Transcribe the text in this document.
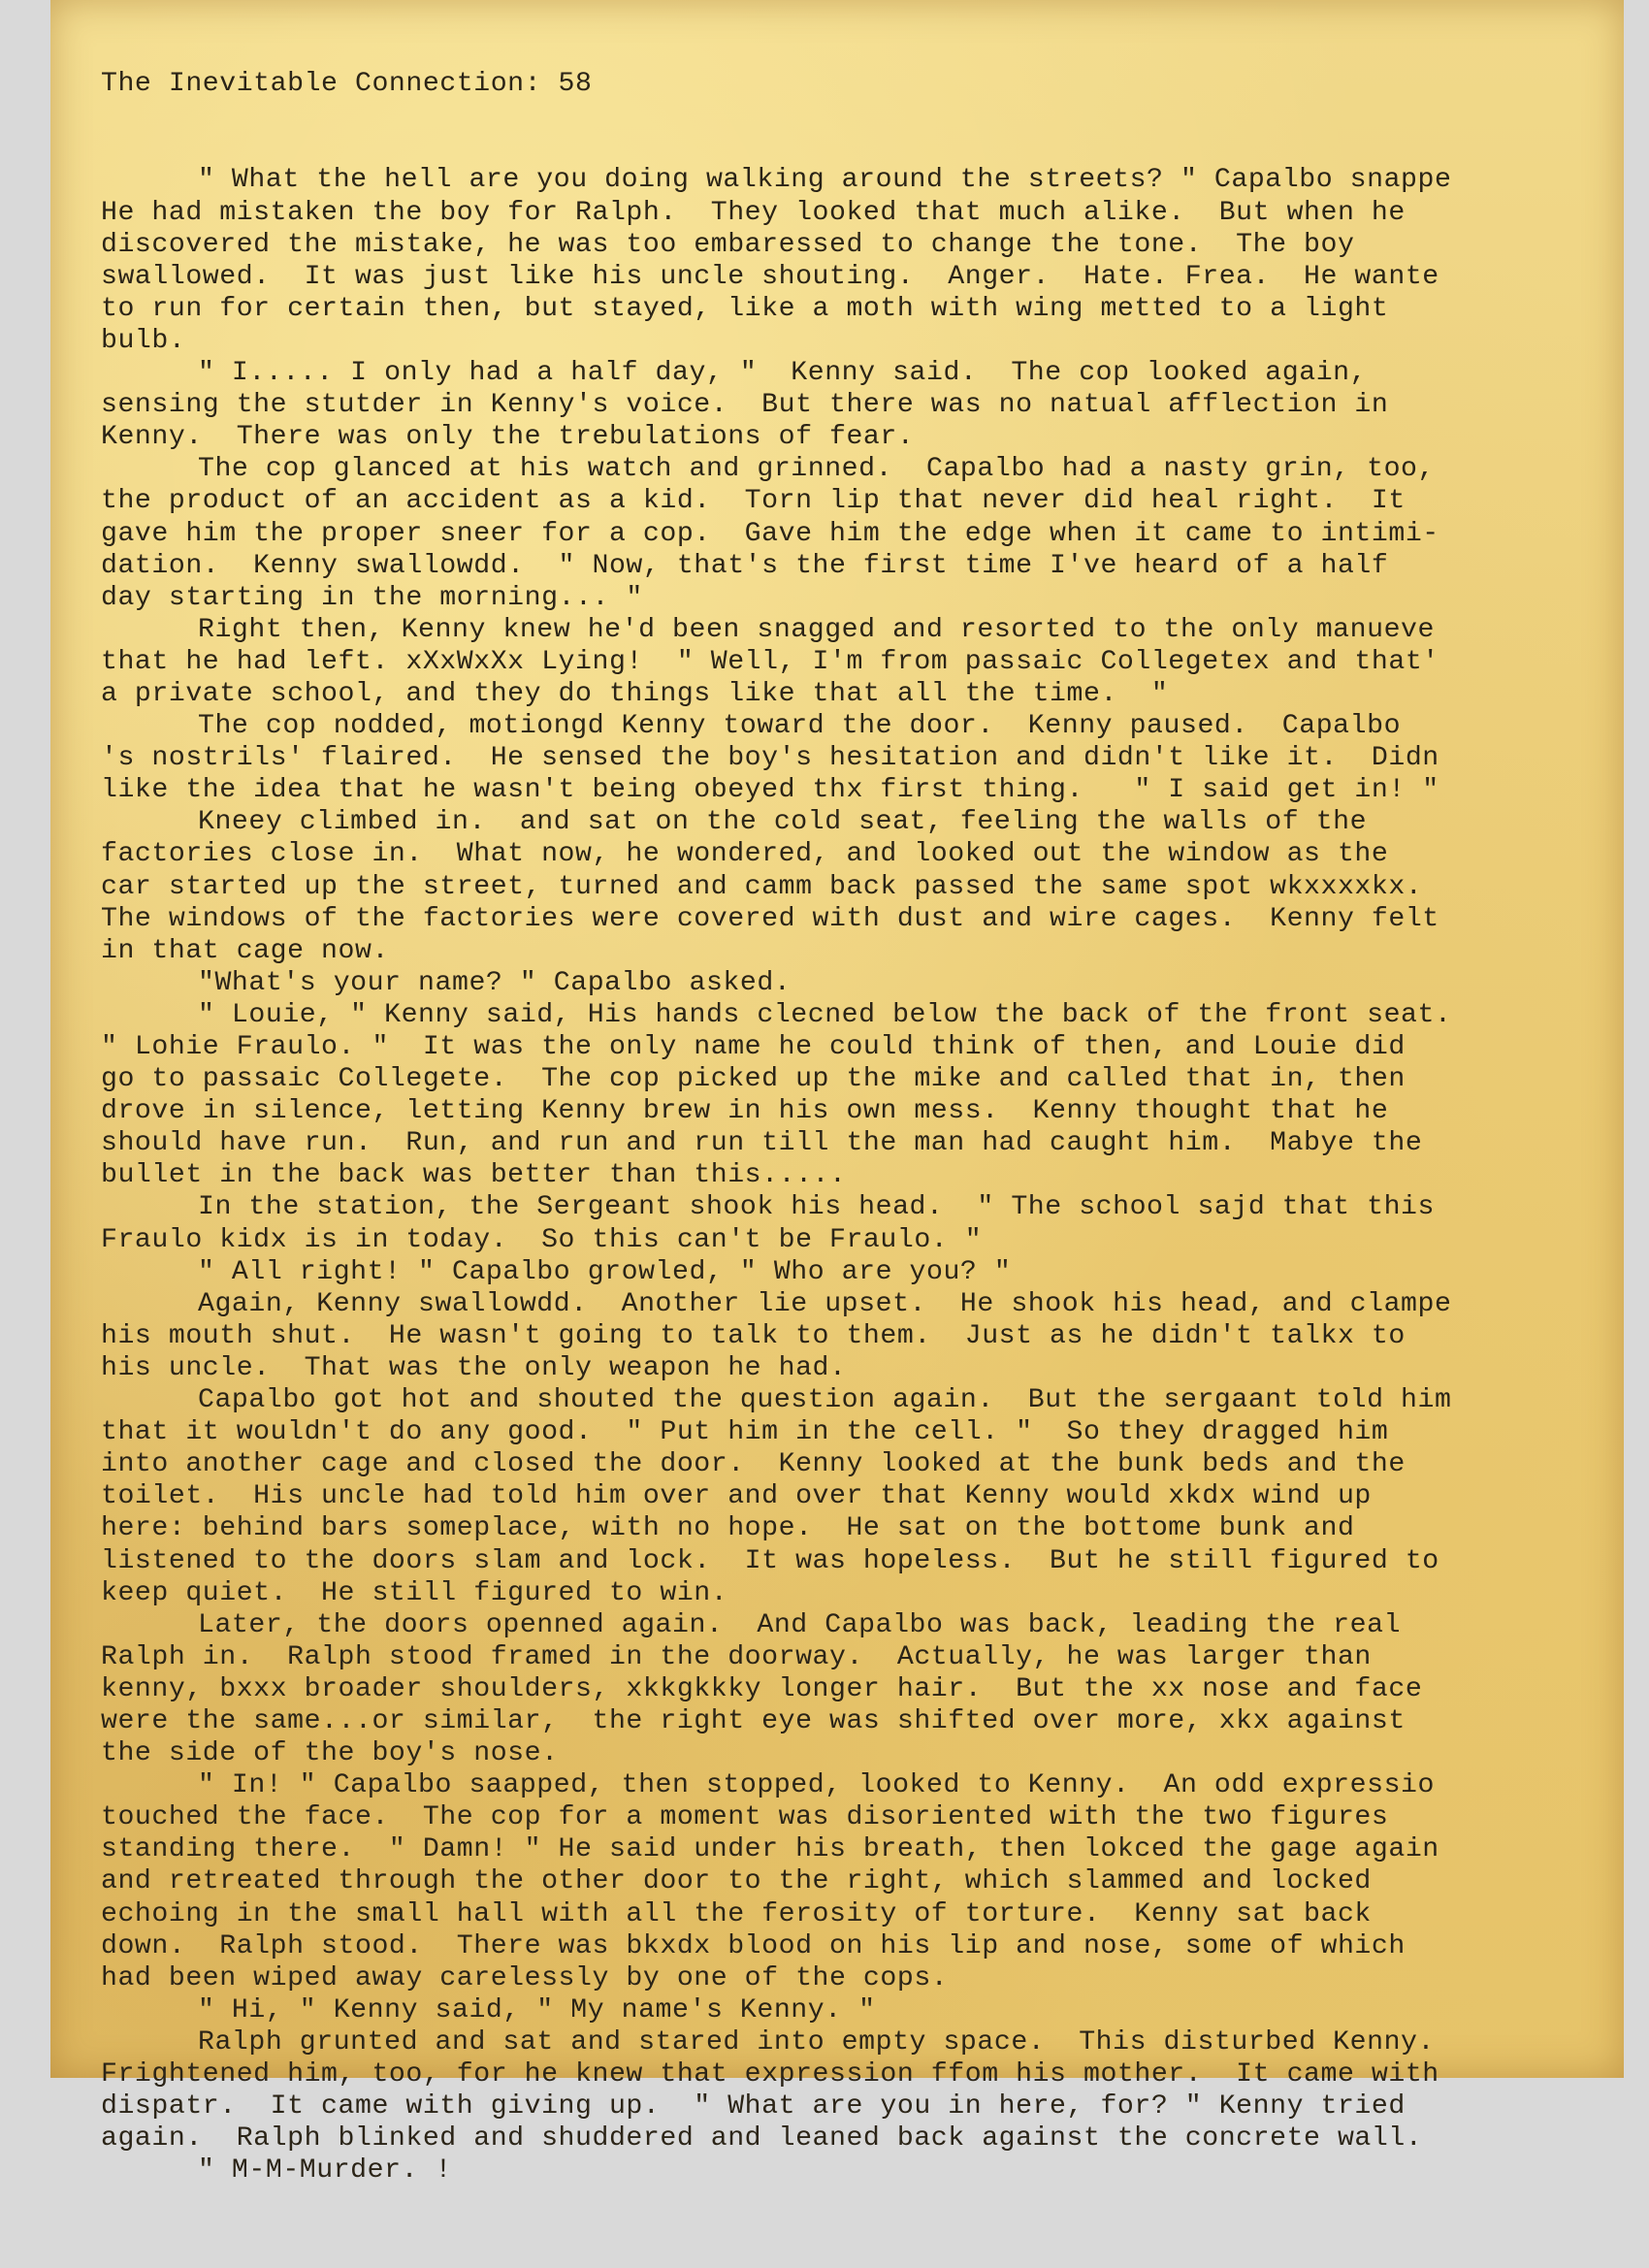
The Inevitable Connection: 58

" What the hell are you doing walking around the streets? " Capalbo snappe
He had mistaken the boy for Ralph.  They looked that much alike.  But when he
discovered the mistake, he was too embaressed to change the tone.  The boy
swallowed.  It was just like his uncle shouting.  Anger.  Hate. Frea.  He wante
to run for certain then, but stayed, like a moth with wing metted to a light
bulb.
" I..... I only had a half day, "  Kenny said.  The cop looked again,
sensing the stutder in Kenny's voice.  But there was no natual afflection in
Kenny.  There was only the trebulations of fear.
The cop glanced at his watch and grinned.  Capalbo had a nasty grin, too,
the product of an accident as a kid.  Torn lip that never did heal right.  It
gave him the proper sneer for a cop.  Gave him the edge when it came to intimi-
dation.  Kenny swallowdd.  " Now, that's the first time I've heard of a half
day starting in the morning... "
Right then, Kenny knew he'd been snagged and resorted to the only manueve
that he had left. xXxWxXx Lying!  " Well, I'm from passaic Collegetex and that'
a private school, and they do things like that all the time.  "
The cop nodded, motiongd Kenny toward the door.  Kenny paused.  Capalbo
's nostrils' flaired.  He sensed the boy's hesitation and didn't like it.  Didn
like the idea that he wasn't being obeyed thx first thing.   " I said get in! "
Kneey climbed in.  and sat on the cold seat, feeling the walls of the
factories close in.  What now, he wondered, and looked out the window as the
car started up the street, turned and camm back passed the same spot wkxxxxkx.
The windows of the factories were covered with dust and wire cages.  Kenny felt
in that cage now.
"What's your name? " Capalbo asked.
" Louie, " Kenny said, His hands clecned below the back of the front seat.
" Lohie Fraulo. "  It was the only name he could think of then, and Louie did
go to passaic Collegete.  The cop picked up the mike and called that in, then
drove in silence, letting Kenny brew in his own mess.  Kenny thought that he
should have run.  Run, and run and run till the man had caught him.  Mabye the
bullet in the back was better than this.....
In the station, the Sergeant shook his head.  " The school sajd that this
Fraulo kidx is in today.  So this can't be Fraulo. "
" All right! " Capalbo growled, " Who are you? "
Again, Kenny swallowdd.  Another lie upset.  He shook his head, and clampe
his mouth shut.  He wasn't going to talk to them.  Just as he didn't talkx to
his uncle.  That was the only weapon he had.
Capalbo got hot and shouted the question again.  But the sergaant told him
that it wouldn't do any good.  " Put him in the cell. "  So they dragged him
into another cage and closed the door.  Kenny looked at the bunk beds and the
toilet.  His uncle had told him over and over that Kenny would xkdx wind up
here: behind bars someplace, with no hope.  He sat on the bottome bunk and
listened to the doors slam and lock.  It was hopeless.  But he still figured to
keep quiet.  He still figured to win.
Later, the doors openned again.  And Capalbo was back, leading the real
Ralph in.  Ralph stood framed in the doorway.  Actually, he was larger than
kenny, bxxx broader shoulders, xkkgkkky longer hair.  But the xx nose and face
were the same...or similar,  the right eye was shifted over more, xkx against
the side of the boy's nose.
" In! " Capalbo saapped, then stopped, looked to Kenny.  An odd expressio
touched the face.  The cop for a moment was disoriented with the two figures
standing there.  " Damn! " He said under his breath, then lokced the gage again
and retreated through the other door to the right, which slammed and locked
echoing in the small hall with all the ferosity of torture.  Kenny sat back
down.  Ralph stood.  There was bkxdx blood on his lip and nose, some of which
had been wiped away carelessly by one of the cops.
" Hi, " Kenny said, " My name's Kenny. "
Ralph grunted and sat and stared into empty space.  This disturbed Kenny.
Frightened him, too, for he knew that expression ffom his mother.  It came with
dispatr.  It came with giving up.  " What are you in here, for? " Kenny tried
again.  Ralph blinked and shuddered and leaned back against the concrete wall.
" M-M-Murder. !
